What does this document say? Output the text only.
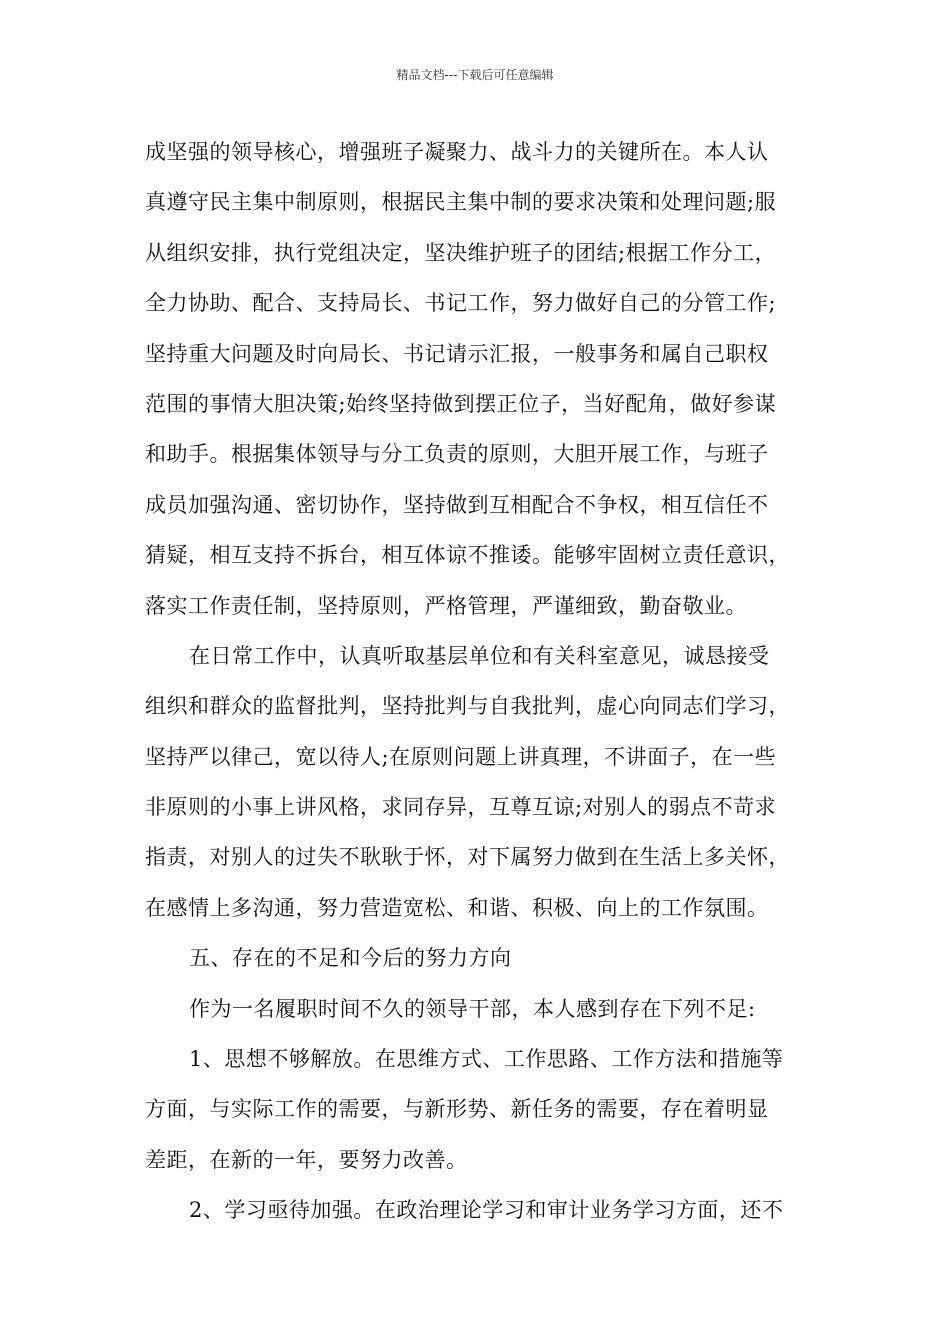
精品文档---下载后可任意编辑
成坚强的领导核心，增强班子凝聚力、战斗力的关键所在。本人认
真遵守民主集中制原则，根据民主集中制的要求决策和处理问题;服
从组织安排，执行党组决定，坚决维护班子的团结;根据工作分工，
全力协助、配合、支持局长、书记工作，努力做好自己的分管工作;
坚持重大问题及时向局长、书记请示汇报，一般事务和属自己职权
范围的事情大胆决策;始终坚持做到摆正位子，当好配角，做好参谋
和助手。根据集体领导与分工负责的原则，大胆开展工作，与班子
成员加强沟通、密切协作，坚持做到互相配合不争权，相互信任不
猜疑，相互支持不拆台，相互体谅不推诿。能够牢固树立责任意识，
落实工作责任制，坚持原则，严格管理，严谨细致，勤奋敬业。
在日常工作中，认真听取基层单位和有关科室意见，诚恳接受
组织和群众的监督批判，坚持批判与自我批判，虚心向同志们学习，
坚持严以律己，宽以待人;在原则问题上讲真理，不讲面子，在一些
非原则的小事上讲风格，求同存异，互尊互谅;对别人的弱点不苛求
指责，对别人的过失不耿耿于怀，对下属努力做到在生活上多关怀，
在感情上多沟通，努力营造宽松、和谐、积极、向上的工作氛围。
五、存在的不足和今后的努力方向
作为一名履职时间不久的领导干部，本人感到存在下列不足:
1、思想不够解放。在思维方式、工作思路、工作方法和措施等
方面，与实际工作的需要，与新形势、新任务的需要，存在着明显
差距，在新的一年，要努力改善。
2、学习亟待加强。在政治理论学习和审计业务学习方面，还不
